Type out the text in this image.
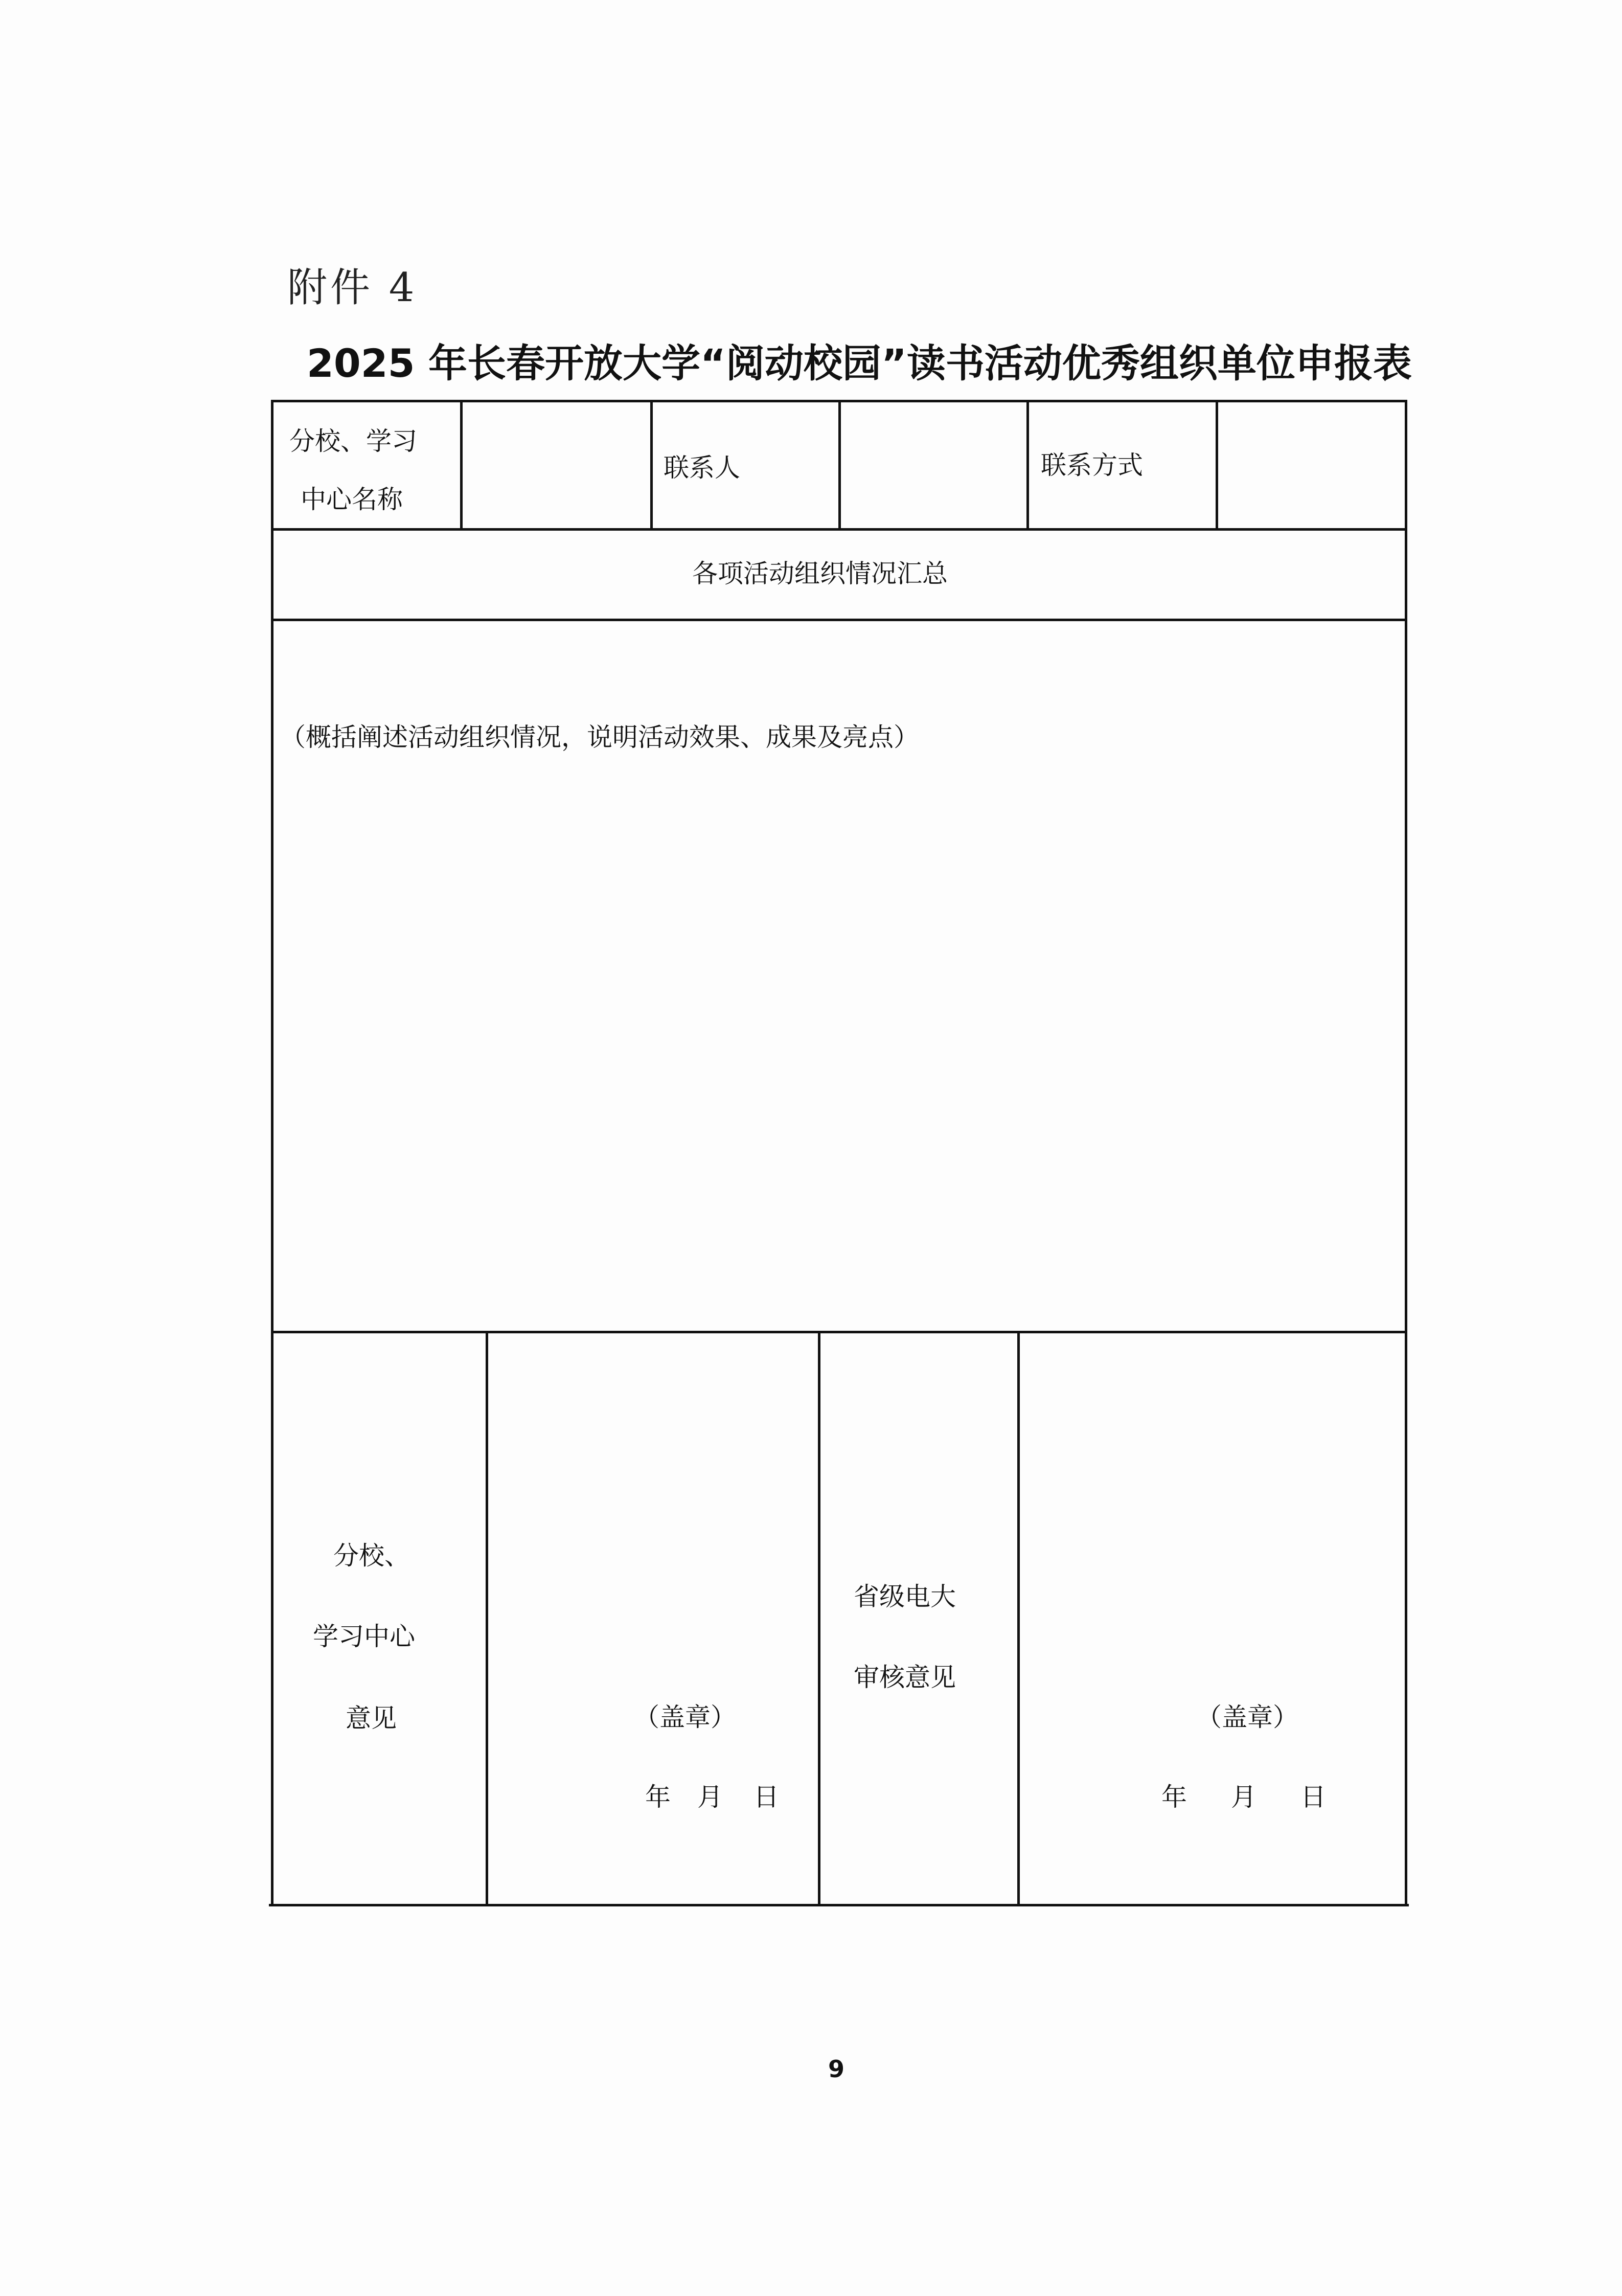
附件 4
2025 年长春开放大学“阅动校园”读书活动优秀组织单位申报表
分校、学习
中心名称
联系人	联系方式
各项活动组织情况汇总
（概括阐述活动组织情况，说明活动效果、成果及亮点）
分校、
学习中心
意见	（盖章）
年 月 日
省级电大
审核意见
（盖章）
年 月 日
9
